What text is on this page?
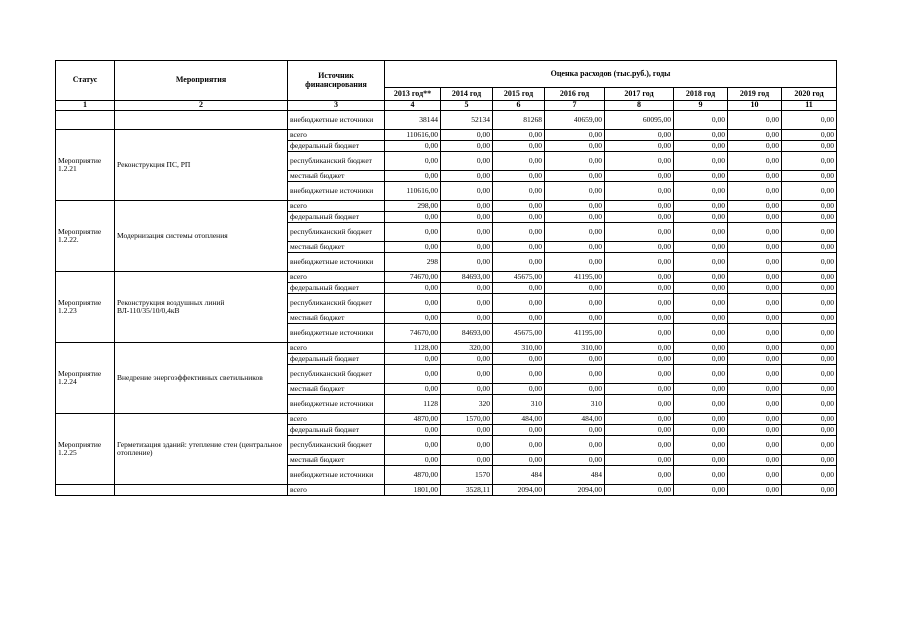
Статус	Мероприятия	Источник финансирования	Оценка расходов (тыс.руб.), годы							
			2013 год**	2014 год	2015 год	2016 год	2017 год	2018 год	2019 год	2020 год
1	2	3	4	5	6	7	8	9	10	11
		внебюджетные источники	38144	52134	81268	40659,00	60095,00	0,00	0,00	0,00
Мероприятие 1.2.21	Реконструкция ПС, РП	всего	110616,00	0,00	0,00	0,00	0,00	0,00	0,00	0,00
		федеральный бюджет	0,00	0,00	0,00	0,00	0,00	0,00	0,00	0,00
		республиканский бюджет	0,00	0,00	0,00	0,00	0,00	0,00	0,00	0,00
		местный бюджет	0,00	0,00	0,00	0,00	0,00	0,00	0,00	0,00
		внебюджетные источники	110616,00	0,00	0,00	0,00	0,00	0,00	0,00	0,00
Мероприятие 1.2.22.	Модернизация системы отопления	всего	298,00	0,00	0,00	0,00	0,00	0,00	0,00	0,00
		федеральный бюджет	0,00	0,00	0,00	0,00	0,00	0,00	0,00	0,00
		республиканский бюджет	0,00	0,00	0,00	0,00	0,00	0,00	0,00	0,00
		местный бюджет	0,00	0,00	0,00	0,00	0,00	0,00	0,00	0,00
		внебюджетные источники	298	0,00	0,00	0,00	0,00	0,00	0,00	0,00
Мероприятие 1.2.23	Реконструкция воздушных линий ВЛ-110/35/10/0,4кВ	всего	74670,00	84693,00	45675,00	41195,00	0,00	0,00	0,00	0,00
		федеральный бюджет	0,00	0,00	0,00	0,00	0,00	0,00	0,00	0,00
		республиканский бюджет	0,00	0,00	0,00	0,00	0,00	0,00	0,00	0,00
		местный бюджет	0,00	0,00	0,00	0,00	0,00	0,00	0,00	0,00
		внебюджетные источники	74670,00	84693,00	45675,00	41195,00	0,00	0,00	0,00	0,00
Мероприятие 1.2.24	Внедрение энергоэффективных светильников	всего	1128,00	320,00	310,00	310,00	0,00	0,00	0,00	0,00
		федеральный бюджет	0,00	0,00	0,00	0,00	0,00	0,00	0,00	0,00
		республиканский бюджет	0,00	0,00	0,00	0,00	0,00	0,00	0,00	0,00
		местный бюджет	0,00	0,00	0,00	0,00	0,00	0,00	0,00	0,00
		внебюджетные источники	1128	320	310	310	0,00	0,00	0,00	0,00
Мероприятие 1.2.25	Герметизация зданий: утепление стен (центральное отопление)	всего	4870,00	1570,00	484,00	484,00	0,00	0,00	0,00	0,00
		федеральный бюджет	0,00	0,00	0,00	0,00	0,00	0,00	0,00	0,00
		республиканский бюджет	0,00	0,00	0,00	0,00	0,00	0,00	0,00	0,00
		местный бюджет	0,00	0,00	0,00	0,00	0,00	0,00	0,00	0,00
		внебюджетные источники	4870,00	1570	484	484	0,00	0,00	0,00	0,00
		всего	1801,00	3528,11	2094,00	2094,00	0,00	0,00	0,00	0,00
